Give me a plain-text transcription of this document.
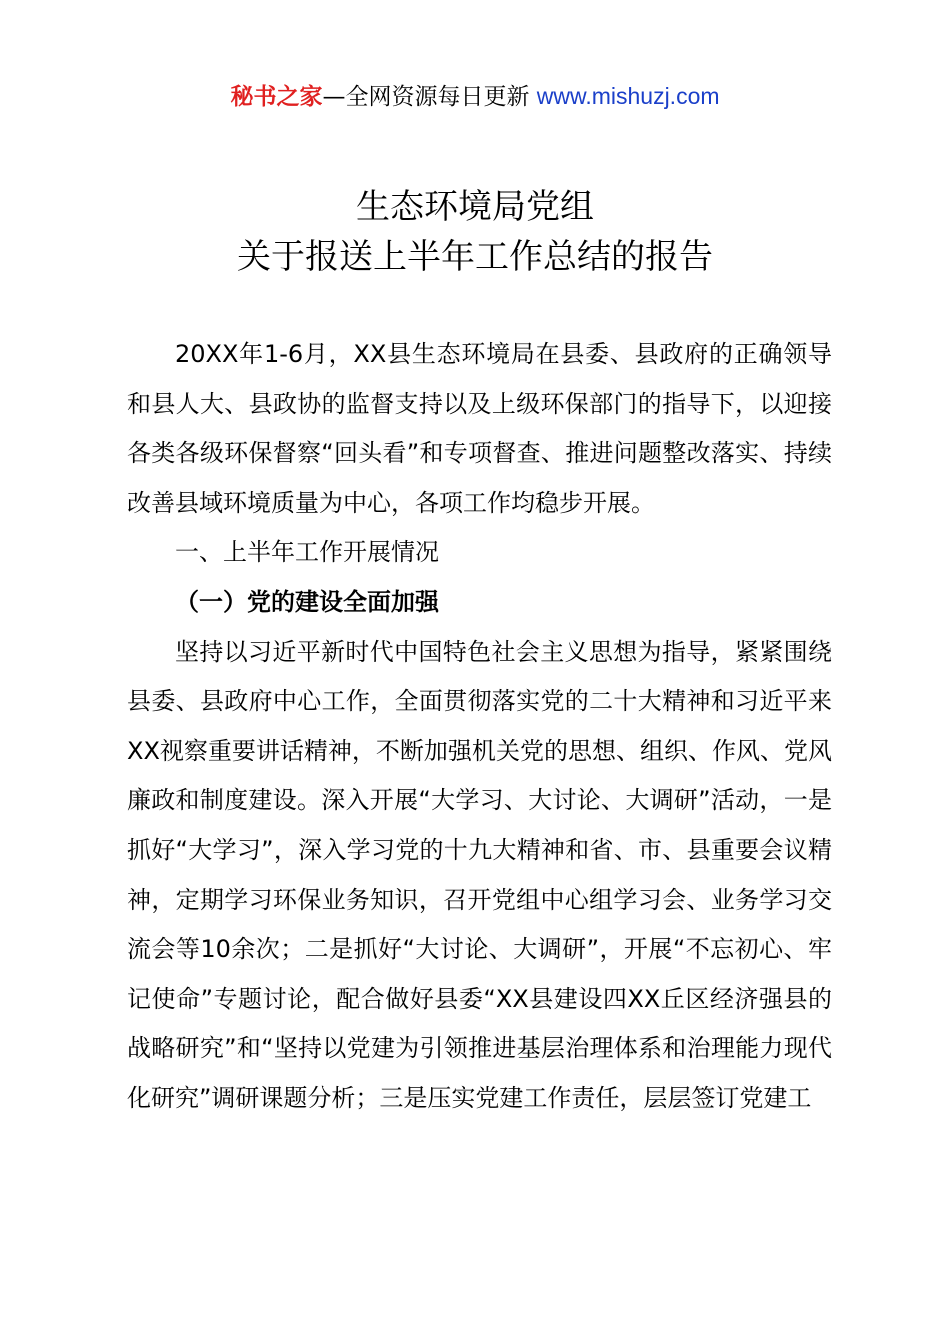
秘书之家—全网资源每日更新 www.mishuzj.com
生态环境局党组
关于报送上半年工作总结的报告

20XX年1-6月，XX县生态环境局在县委、县政府的正确领导和县人大、县政协的监督支持以及上级环保部门的指导下，以迎接各类各级环保督察“回头看”和专项督查、推进问题整改落实、持续改善县域环境质量为中心，各项工作均稳步开展。

一、上半年工作开展情况
（一）党的建设全面加强

坚持以习近平新时代中国特色社会主义思想为指导，紧紧围绕县委、县政府中心工作，全面贯彻落实党的二十大精神和习近平来XX视察重要讲话精神，不断加强机关党的思想、组织、作风、党风廉政和制度建设。深入开展“大学习、大讨论、大调研”活动，一是抓好“大学习”，深入学习党的十九大精神和省、市、县重要会议精神，定期学习环保业务知识，召开党组中心组学习会、业务学习交流会等10余次；二是抓好“大讨论、大调研”，开展“不忘初心、牢记使命”专题讨论，配合做好县委“XX县建设四XX丘区经济强县的战略研究”和“坚持以党建为引领推进基层治理体系和治理能力现代化研究”调研课题分析；三是压实党建工作责任，层层签订党建工
